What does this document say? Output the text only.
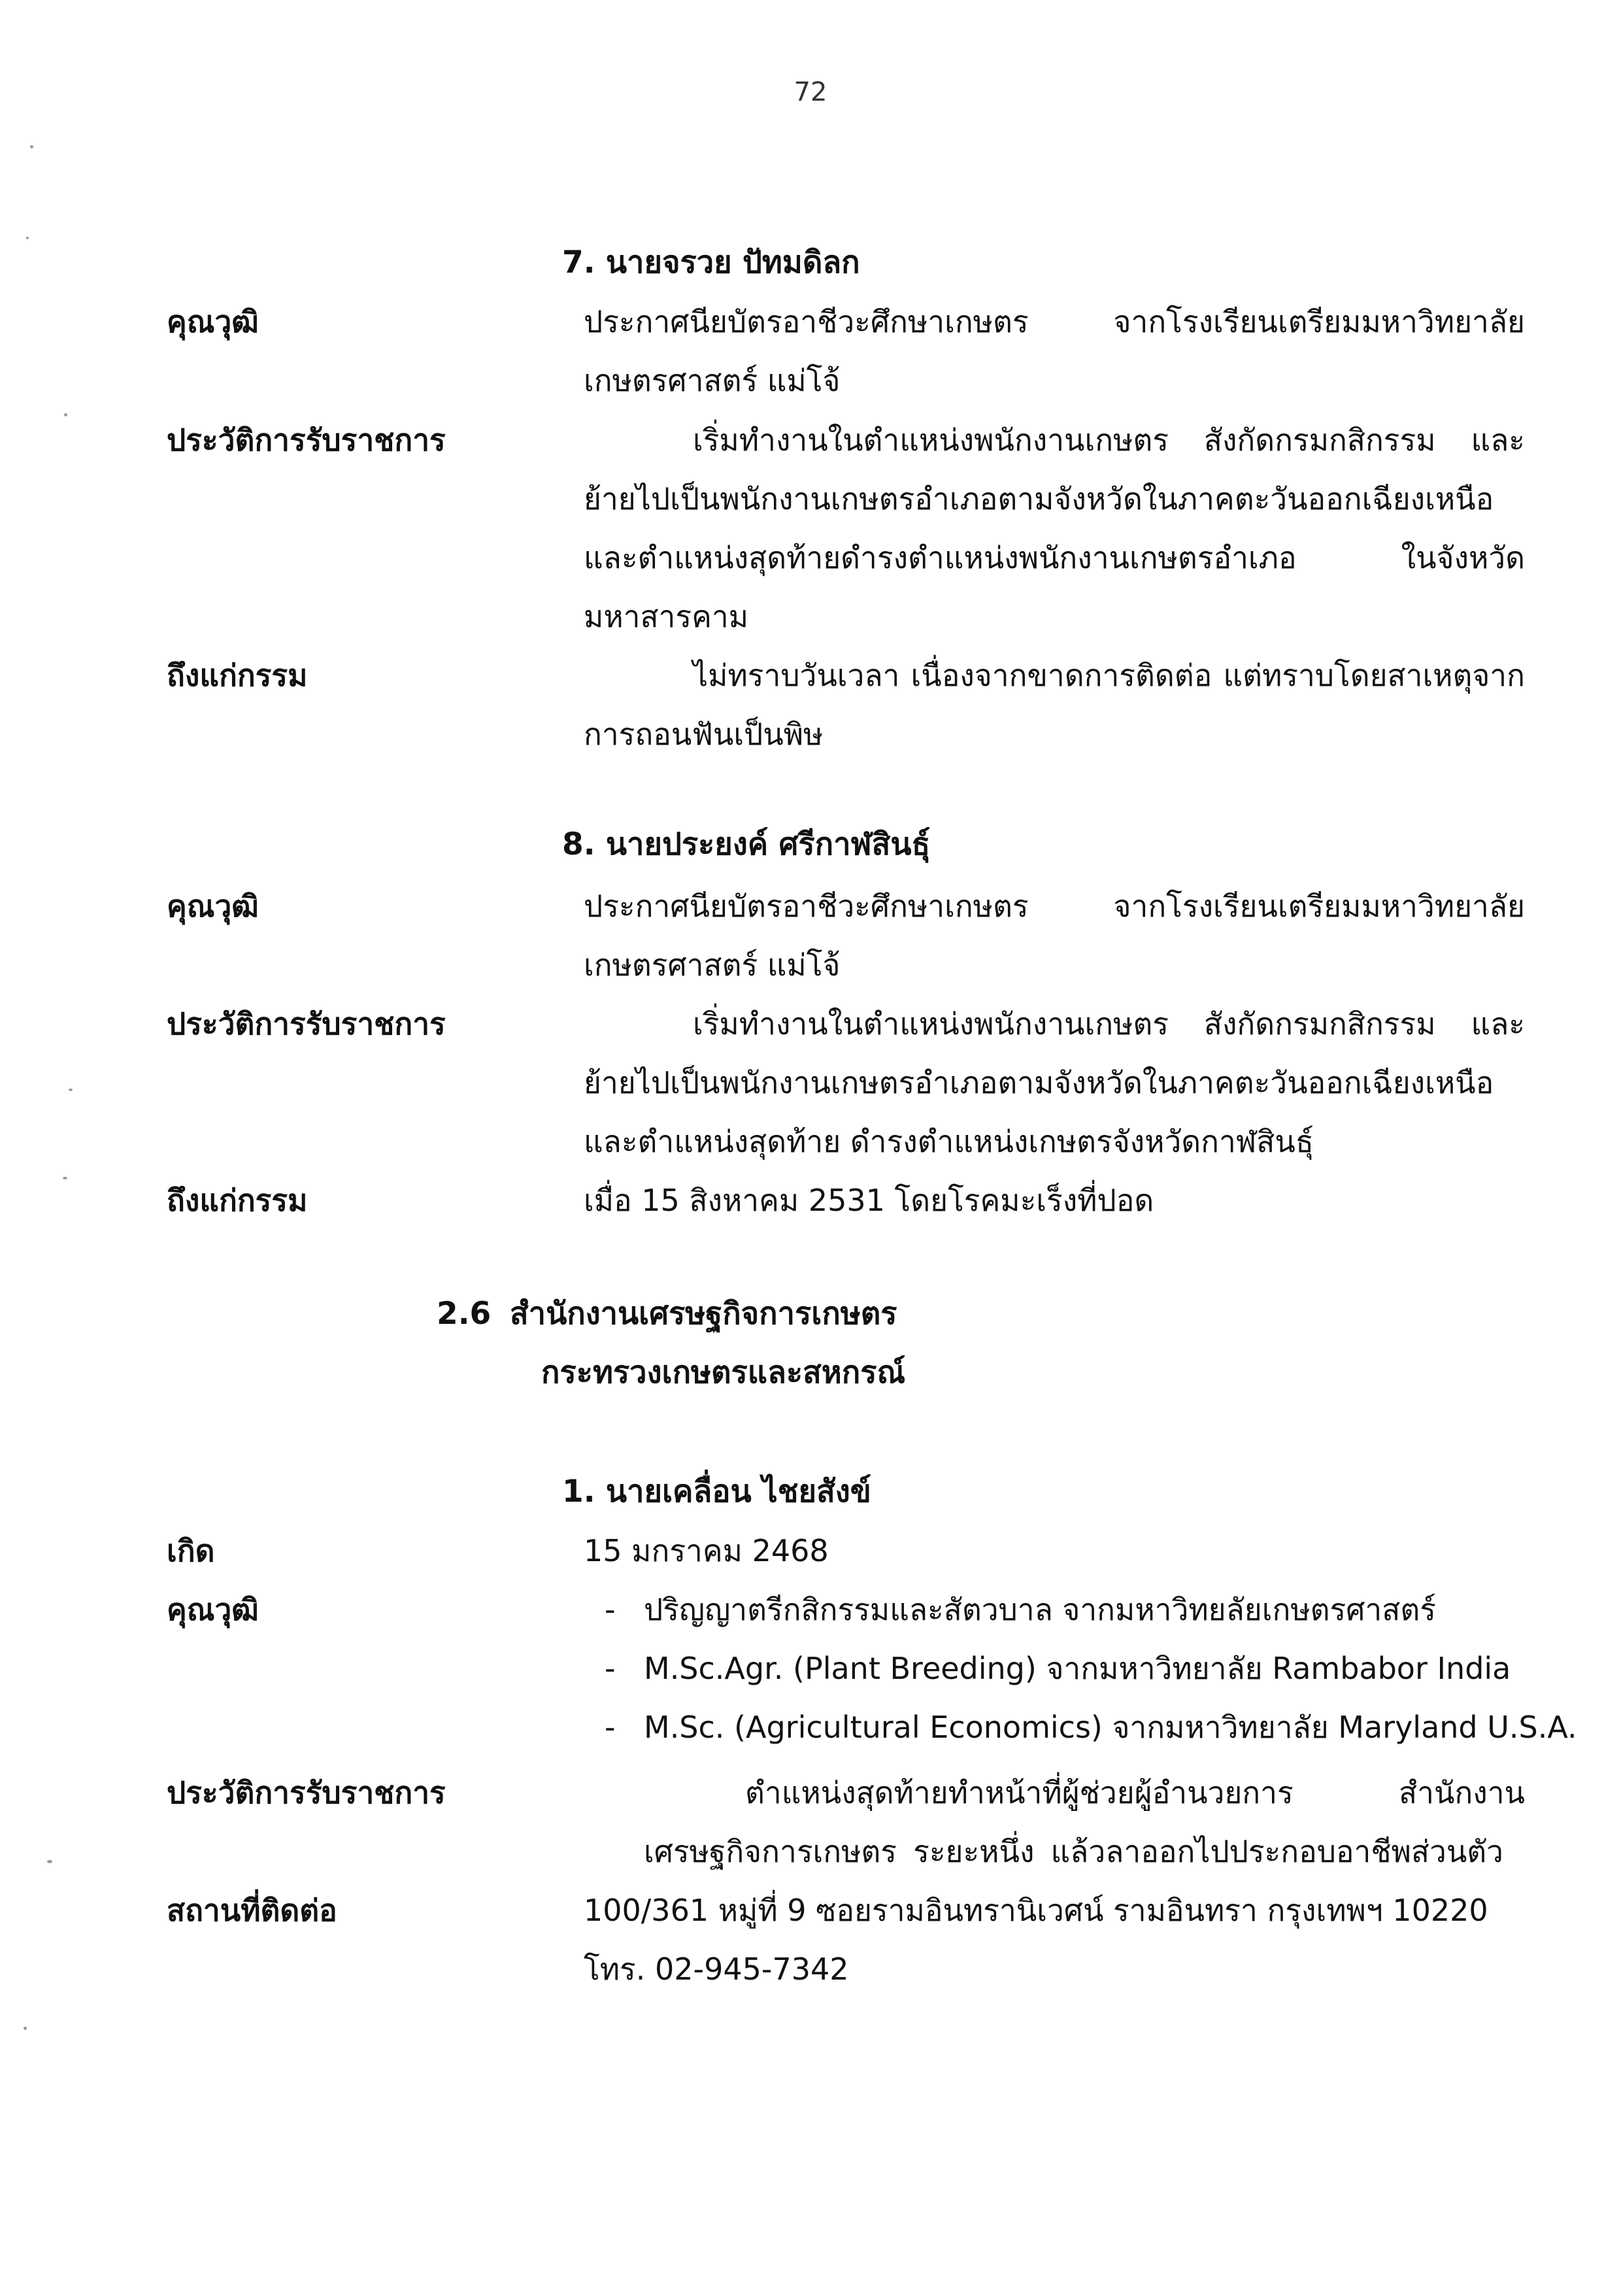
72
7. นายจรวย ปัทมดิลก
คุณวุฒิ	ประกาศนียบัตรอาชีวะศึกษาเกษตร จากโรงเรียนเตรียมมหาวิทยาลัย
เกษตรศาสตร์ แม่โจ้
ประวัติการรับราชการ	เริ่มทำงานในตำแหน่งพนักงานเกษตร สังกัดกรมกสิกรรม และ
ย้ายไปเป็นพนักงานเกษตรอำเภอตามจังหวัดในภาคตะวันออกเฉียงเหนือ
และตำแหน่งสุดท้ายดำรงตำแหน่งพนักงานเกษตรอำเภอ ในจังหวัด
มหาสารคาม
ถึงแก่กรรม	ไม่ทราบวันเวลา เนื่องจากขาดการติดต่อ แต่ทราบโดยสาเหตุจาก
การถอนฟันเป็นพิษ
8. นายประยงค์ ศรีกาฬสินธุ์
คุณวุฒิ	ประกาศนียบัตรอาชีวะศึกษาเกษตร จากโรงเรียนเตรียมมหาวิทยาลัย
เกษตรศาสตร์ แม่โจ้
ประวัติการรับราชการ	เริ่มทำงานในตำแหน่งพนักงานเกษตร สังกัดกรมกสิกรรม และ
ย้ายไปเป็นพนักงานเกษตรอำเภอตามจังหวัดในภาคตะวันออกเฉียงเหนือ
และตำแหน่งสุดท้าย ดำรงตำแหน่งเกษตรจังหวัดกาฬสินธุ์
ถึงแก่กรรม	เมื่อ 15 สิงหาคม 2531 โดยโรคมะเร็งที่ปอด
2.6 สำนักงานเศรษฐกิจการเกษตร
กระทรวงเกษตรและสหกรณ์
1. นายเคลื่อน ไชยสังข์
เกิด	15 มกราคม 2468
คุณวุฒิ	- ปริญญาตรีกสิกรรมและสัตวบาล จากมหาวิทยลัยเกษตรศาสตร์
- M.Sc.Agr. (Plant Breeding) จากมหาวิทยาลัย Rambabor India
- M.Sc. (Agricultural Economics) จากมหาวิทยาลัย Maryland U.S.A.
ประวัติการรับราชการ	ตำแหน่งสุดท้ายทำหน้าที่ผู้ช่วยผู้อำนวยการ สำนักงาน
เศรษฐกิจการเกษตร ระยะหนึ่ง แล้วลาออกไปประกอบอาชีพส่วนตัว
สถานที่ติดต่อ	100/361 หมู่ที่ 9 ซอยรามอินทรานิเวศน์ รามอินทรา กรุงเทพฯ 10220
โทร. 02-945-7342
